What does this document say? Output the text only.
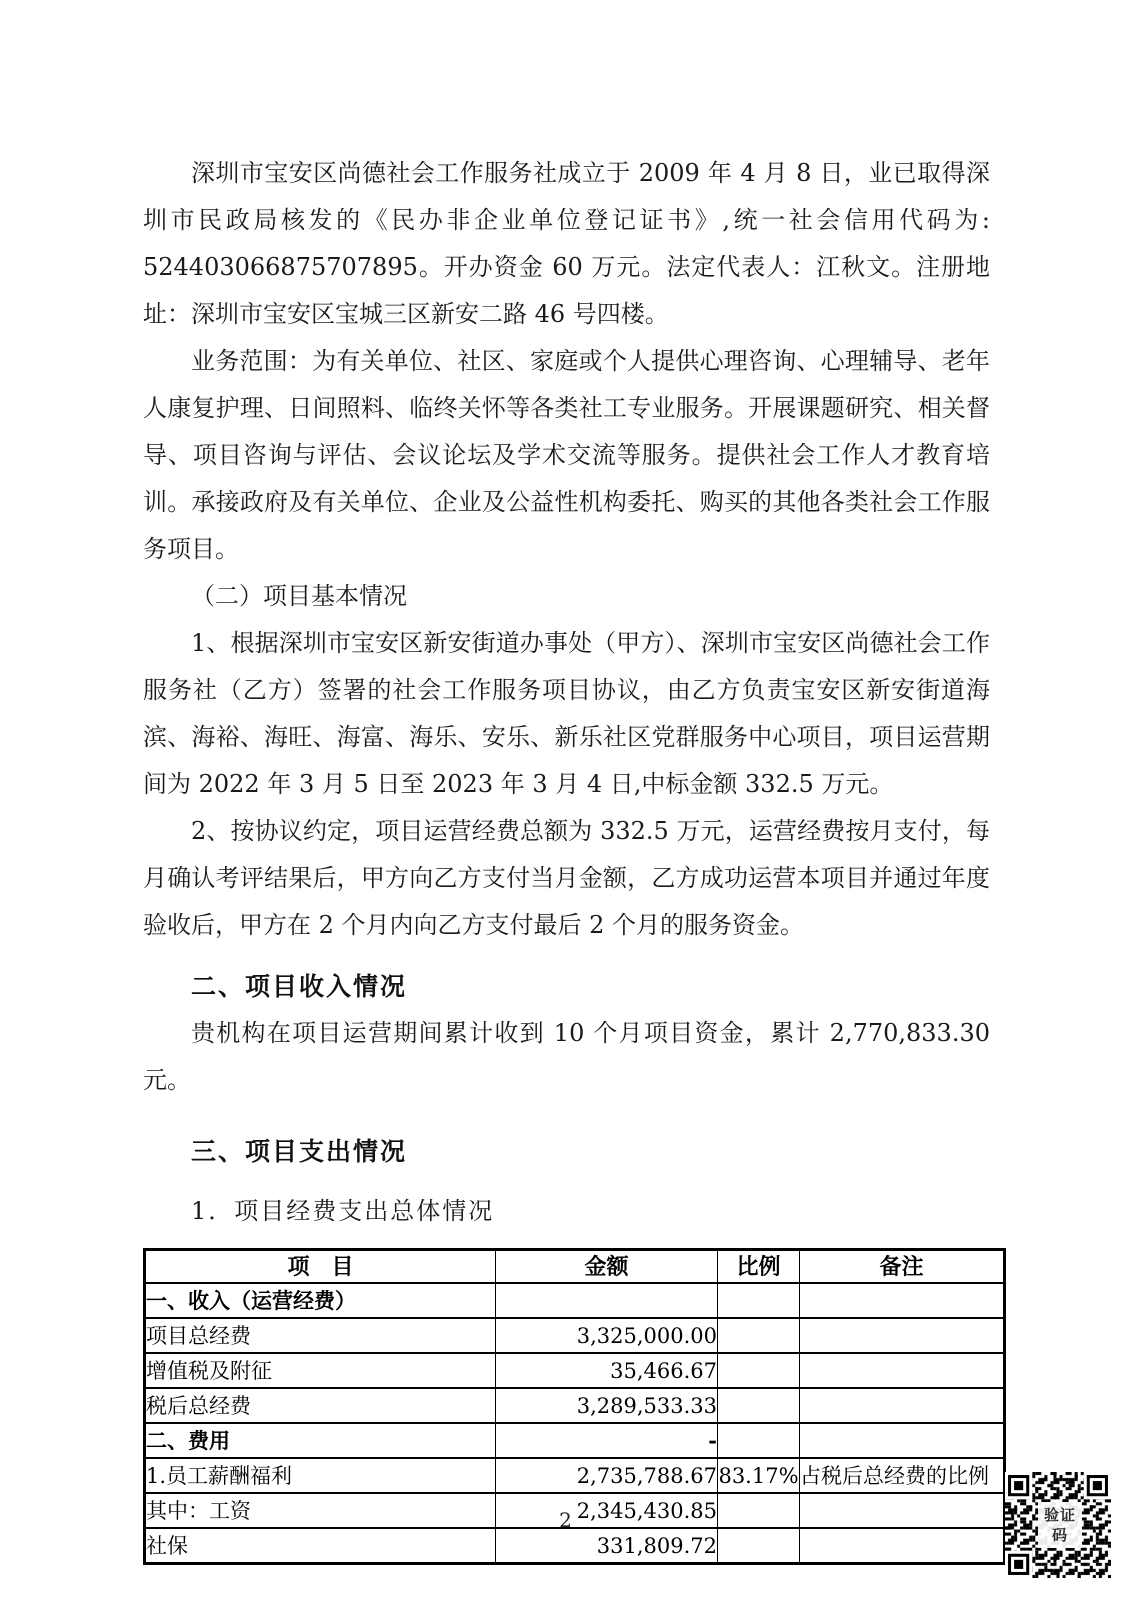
深圳市宝安区尚德社会工作服务社成立于 2009 年 4 月 8 日，业已取得深圳市民政局核发的《民办非企业单位登记证书》,统一社会信用代码为: 524403066875707895。开办资金 60 万元。法定代表人：江秋文。注册地址：深圳市宝安区宝城三区新安二路 46 号四楼。

业务范围：为有关单位、社区、家庭或个人提供心理咨询、心理辅导、老年人康复护理、日间照料、临终关怀等各类社工专业服务。开展课题研究、相关督导、项目咨询与评估、会议论坛及学术交流等服务。提供社会工作人才教育培训。承接政府及有关单位、企业及公益性机构委托、购买的其他各类社会工作服务项目。

（二）项目基本情况

1、根据深圳市宝安区新安街道办事处（甲方）、深圳市宝安区尚德社会工作服务社（乙方）签署的社会工作服务项目协议，由乙方负责宝安区新安街道海滨、海裕、海旺、海富、海乐、安乐、新乐社区党群服务中心项目，项目运营期间为 2022 年 3 月 5 日至 2023 年 3 月 4 日,中标金额 332.5 万元。

2、按协议约定，项目运营经费总额为 332.5 万元，运营经费按月支付，每月确认考评结果后，甲方向乙方支付当月金额，乙方成功运营本项目并通过年度验收后，甲方在 2 个月内向乙方支付最后 2 个月的服务资金。

二、项目收入情况

贵机构在项目运营期间累计收到 10 个月项目资金，累计 2,770,833.30 元。

三、项目支出情况

1．项目经费支出总体情况

项　目	金额	比例	备注
一、收入（运营经费）			
项目总经费	3,325,000.00		
增值税及附征	35,466.67		
税后总经费	3,289,533.33		
二、费用	-		
1.员工薪酬福利	2,735,788.67	83.17%	占税后总经费的比例
其中：工资	2,345,430.85		
社保	331,809.72		
2	验证码
